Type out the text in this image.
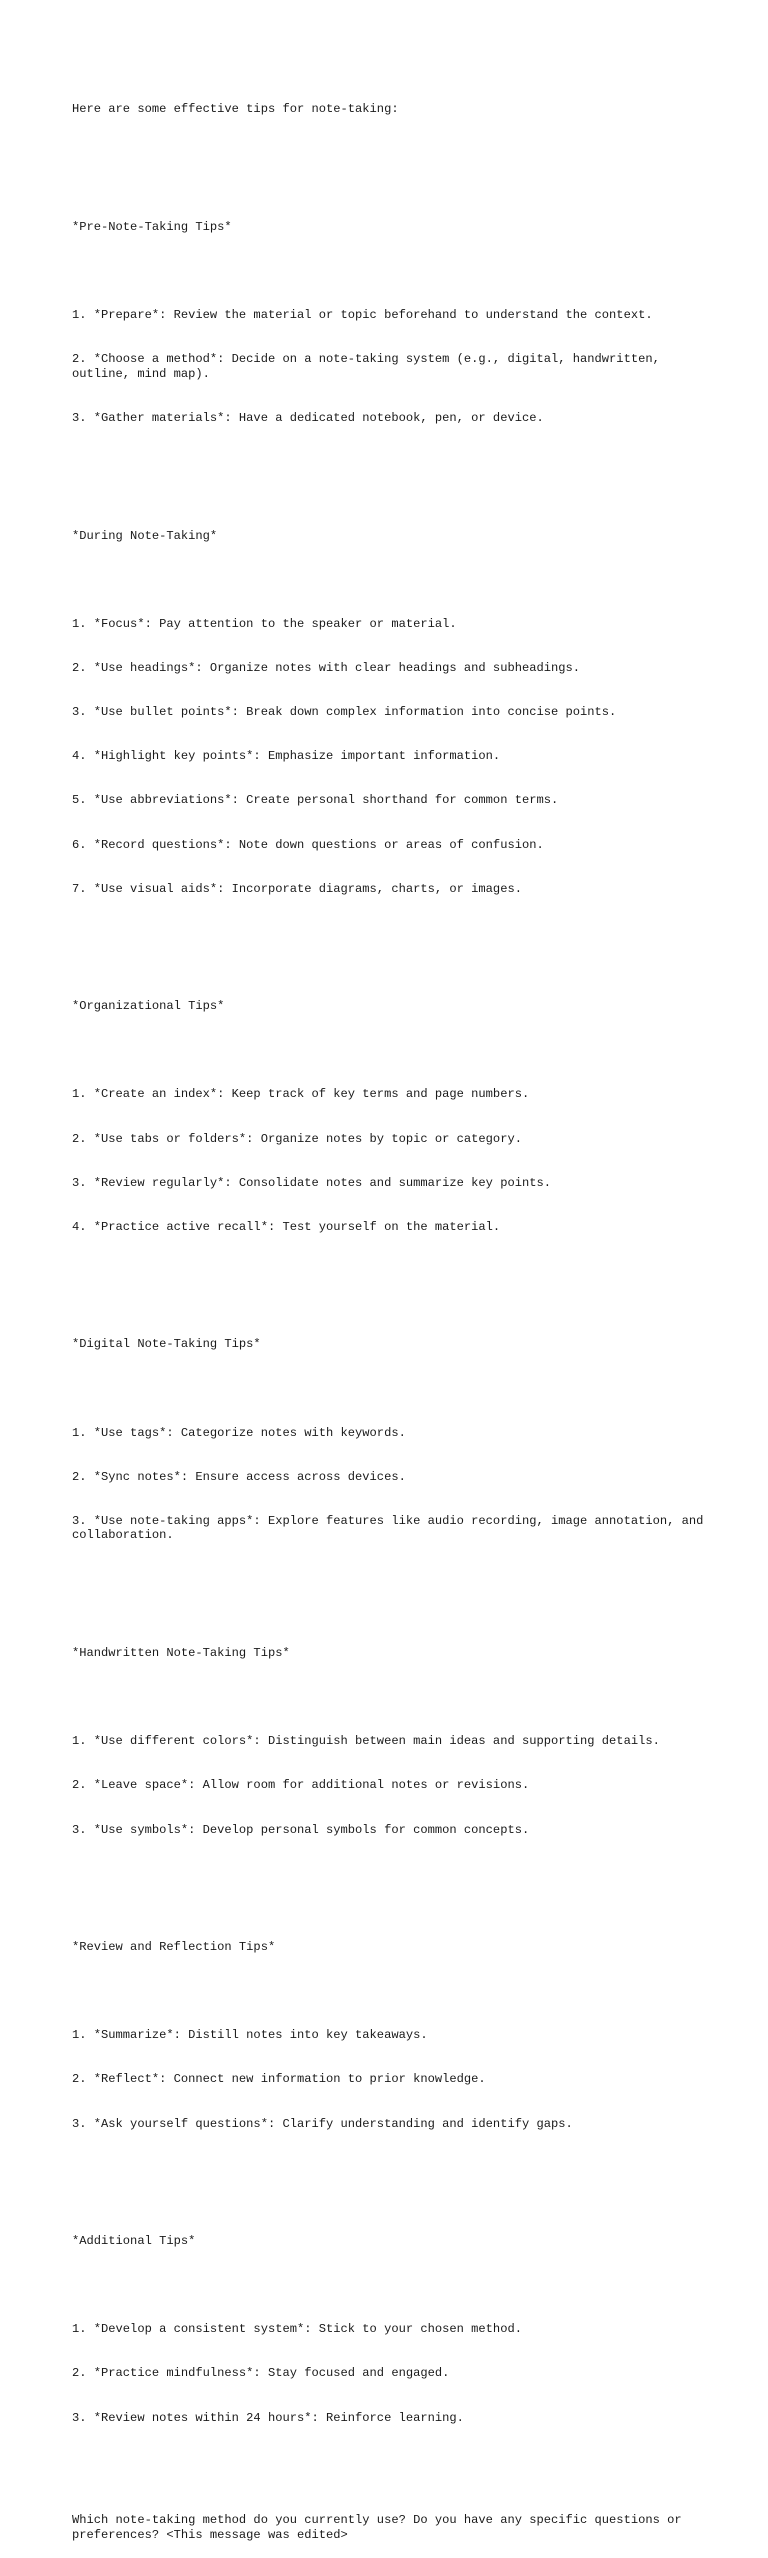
Here are some effective tips for note-taking:

*Pre-Note-Taking Tips*

1. *Prepare*: Review the material or topic beforehand to understand the context.

2. *Choose a method*: Decide on a note-taking system (e.g., digital, handwritten, outline, mind map).

3. *Gather materials*: Have a dedicated notebook, pen, or device.

*During Note-Taking*

1. *Focus*: Pay attention to the speaker or material.

2. *Use headings*: Organize notes with clear headings and subheadings.

3. *Use bullet points*: Break down complex information into concise points.

4. *Highlight key points*: Emphasize important information.

5. *Use abbreviations*: Create personal shorthand for common terms.

6. *Record questions*: Note down questions or areas of confusion.

7. *Use visual aids*: Incorporate diagrams, charts, or images.

*Organizational Tips*

1. *Create an index*: Keep track of key terms and page numbers.

2. *Use tabs or folders*: Organize notes by topic or category.

3. *Review regularly*: Consolidate notes and summarize key points.

4. *Practice active recall*: Test yourself on the material.

*Digital Note-Taking Tips*

1. *Use tags*: Categorize notes with keywords.

2. *Sync notes*: Ensure access across devices.

3. *Use note-taking apps*: Explore features like audio recording, image annotation, and collaboration.

*Handwritten Note-Taking Tips*

1. *Use different colors*: Distinguish between main ideas and supporting details.

2. *Leave space*: Allow room for additional notes or revisions.

3. *Use symbols*: Develop personal symbols for common concepts.

*Review and Reflection Tips*

1. *Summarize*: Distill notes into key takeaways.

2. *Reflect*: Connect new information to prior knowledge.

3. *Ask yourself questions*: Clarify understanding and identify gaps.

*Additional Tips*

1. *Develop a consistent system*: Stick to your chosen method.

2. *Practice mindfulness*: Stay focused and engaged.

3. *Review notes within 24 hours*: Reinforce learning.

Which note-taking method do you currently use? Do you have any specific questions or preferences? <This message was edited>
